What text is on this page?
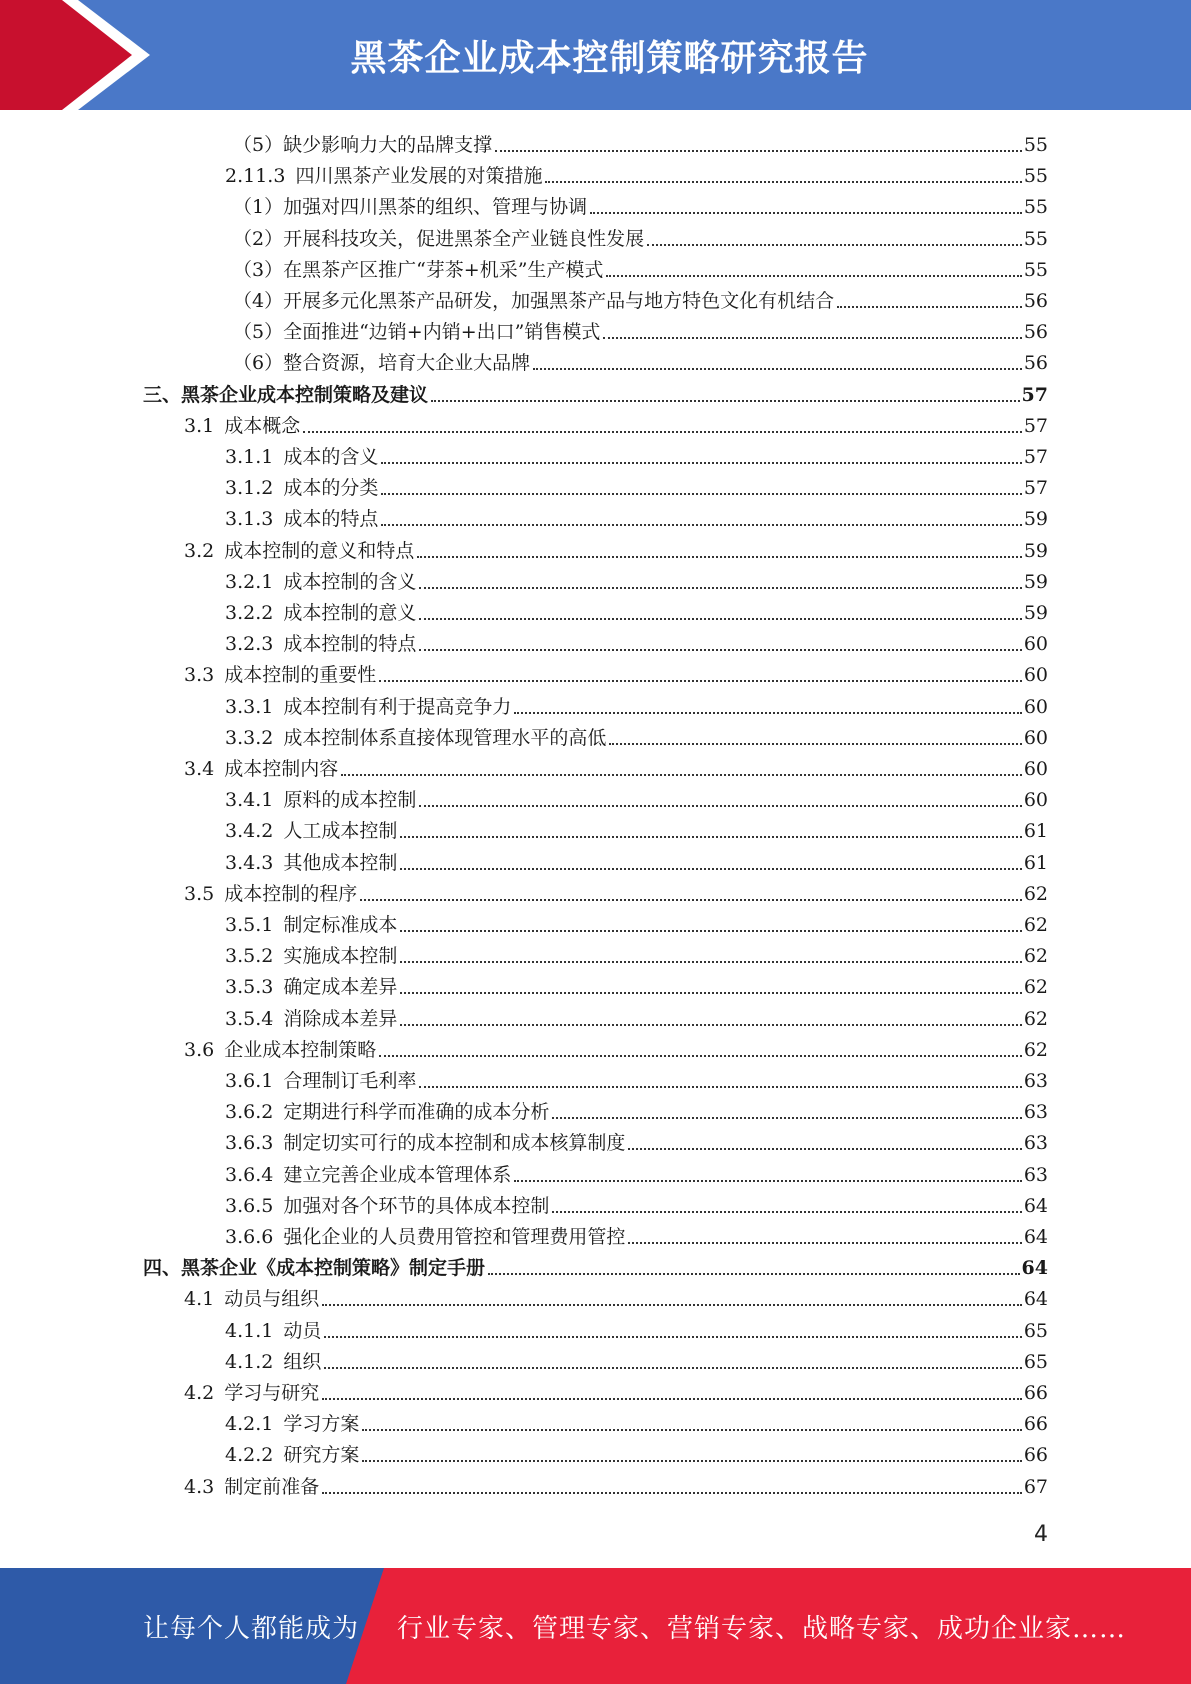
黑茶企业成本控制策略研究报告
（5）缺少影响力大的品牌支撑	55
2.11.3 四川黑茶产业发展的对策措施	55
（1）加强对四川黑茶的组织、管理与协调	55
（2）开展科技攻关，促进黑茶全产业链良性发展	55
（3）在黑茶产区推广“芽茶+机采”生产模式	55
（4）开展多元化黑茶产品研发，加强黑茶产品与地方特色文化有机结合	56
（5）全面推进“边销+内销+出口”销售模式	56
（6）整合资源，培育大企业大品牌	56
三、黑茶企业成本控制策略及建议	57
3.1 成本概念	57
3.1.1 成本的含义	57
3.1.2 成本的分类	57
3.1.3 成本的特点	59
3.2 成本控制的意义和特点	59
3.2.1 成本控制的含义	59
3.2.2 成本控制的意义	59
3.2.3 成本控制的特点	60
3.3 成本控制的重要性	60
3.3.1 成本控制有利于提高竞争力	60
3.3.2 成本控制体系直接体现管理水平的高低	60
3.4 成本控制内容	60
3.4.1 原料的成本控制	60
3.4.2 人工成本控制	61
3.4.3 其他成本控制	61
3.5 成本控制的程序	62
3.5.1 制定标准成本	62
3.5.2 实施成本控制	62
3.5.3 确定成本差异	62
3.5.4 消除成本差异	62
3.6 企业成本控制策略	62
3.6.1 合理制订毛利率	63
3.6.2 定期进行科学而准确的成本分析	63
3.6.3 制定切实可行的成本控制和成本核算制度	63
3.6.4 建立完善企业成本管理体系	63
3.6.5 加强对各个环节的具体成本控制	64
3.6.6 强化企业的人员费用管控和管理费用管控	64
四、黑茶企业《成本控制策略》制定手册	64
4.1 动员与组织	64
4.1.1 动员	65
4.1.2 组织	65
4.2 学习与研究	66
4.2.1 学习方案	66
4.2.2 研究方案	66
4.3 制定前准备	67
4
让每个人都能成为 行业专家、管理专家、营销专家、战略专家、成功企业家……
